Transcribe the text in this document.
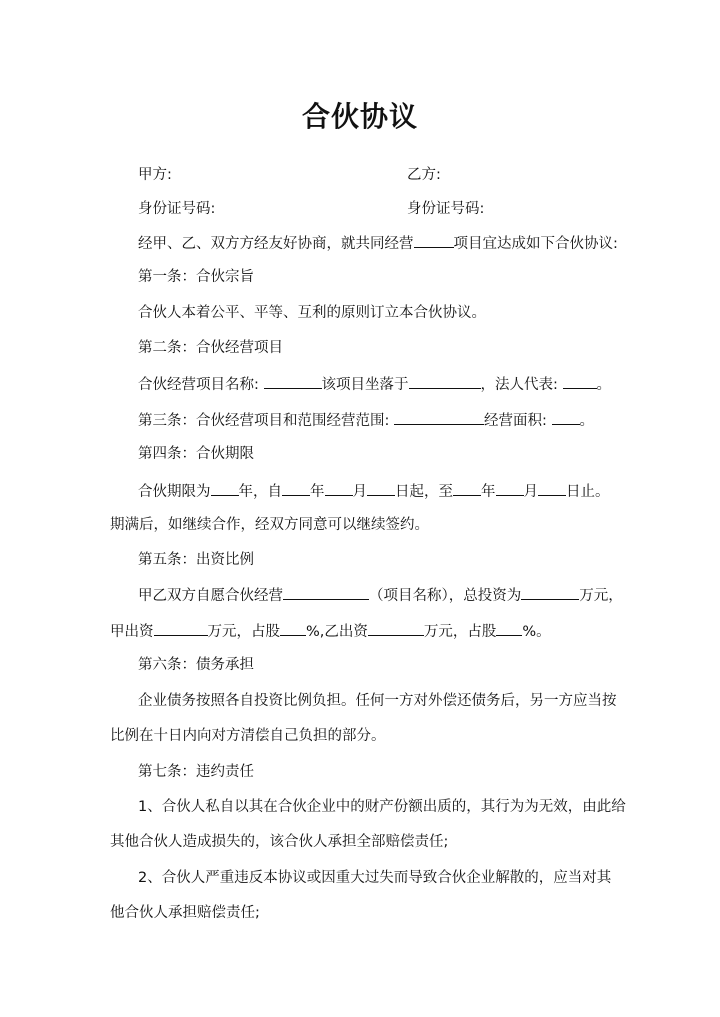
合伙协议
甲方:	乙方:
身份证号码:	身份证号码:
经甲、乙、双方方经友好协商，就共同经营	项目宜达成如下合伙协议:
第一条：合伙宗旨
合伙人本着公平、平等、互利的原则订立本合伙协议。
第二条：合伙经营项目
合伙经营项目名称:	该项目坐落于	，法人代表:	。
第三条：合伙经营项目和范围经营范围:	经营面积: 。
第四条：合伙期限
合伙期限为 年，自 年 月 日起，至 年 月 日止。
期满后，如继续合作，经双方同意可以继续签约。
第五条：出资比例
甲乙双方自愿合伙经营	（项目名称），总投资为	万元，
甲出资	万元，占股 %,乙出资	万元，占股 %。
第六条：债务承担
企业债务按照各自投资比例负担。任何一方对外偿还债务后，另一方应当按
比例在十日内向对方清偿自己负担的部分。
第七条：违约责任
1、合伙人私自以其在合伙企业中的财产份额出质的，其行为为无效，由此给
其他合伙人造成损失的，该合伙人承担全部赔偿责任;
2、合伙人严重违反本协议或因重大过失而导致合伙企业解散的，应当对其
他合伙人承担赔偿责任;
